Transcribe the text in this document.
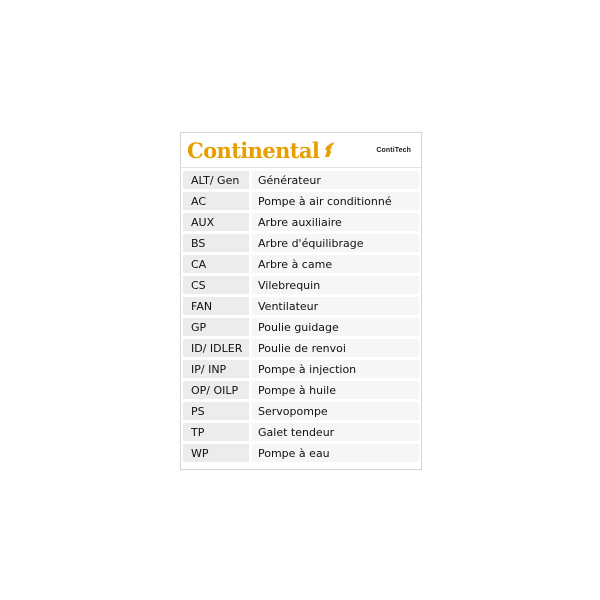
Continental	ContiTech
ALT/ Gen	Générateur
AC	Pompe à air conditionné
AUX	Arbre auxiliaire
BS	Arbre d'équilibrage
CA	Arbre à came
CS	Vilebrequin
FAN	Ventilateur
GP	Poulie guidage
ID/ IDLER	Poulie de renvoi
IP/ INP	Pompe à injection
OP/ OILP	Pompe à huile
PS	Servopompe
TP	Galet tendeur
WP	Pompe à eau
